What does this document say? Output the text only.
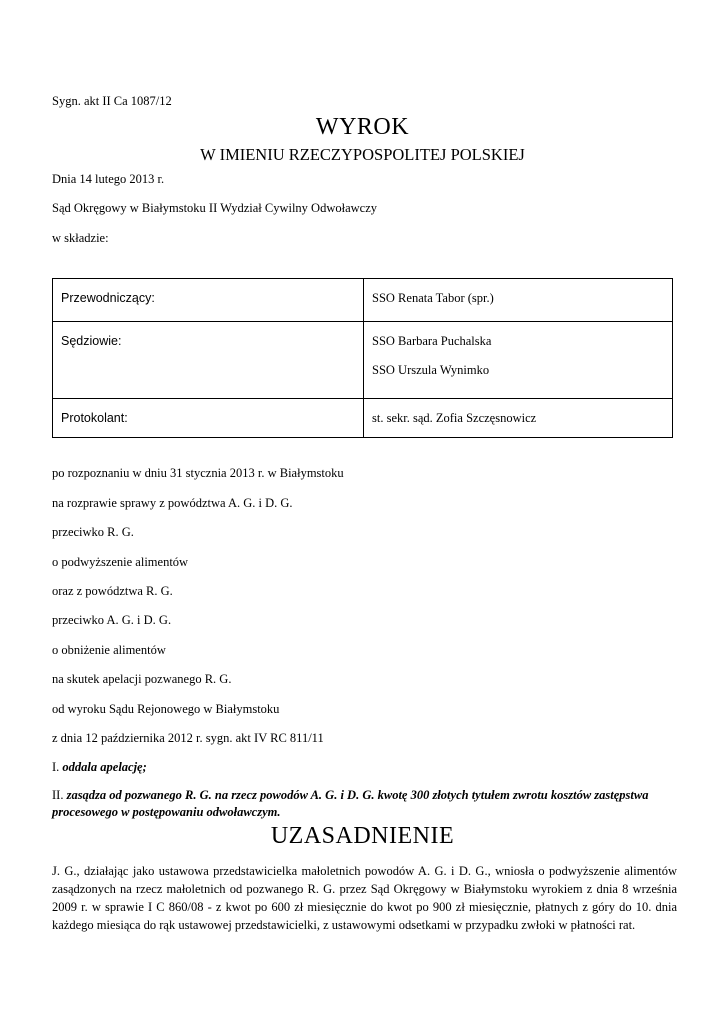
Sygn. akt II Ca 1087/12
WYROK
W IMIENIU RZECZYPOSPOLITEJ POLSKIEJ
Dnia 14 lutego 2013 r.
Sąd Okręgowy w Białymstoku II Wydział Cywilny Odwoławczy
w składzie:
Przewodniczący:	SSO Renata Tabor (spr.)
Sędziowie:	SSO Barbara Puchalska
SSO Urszula Wynimko

Protokolant:	st. sekr. sąd. Zofia Szczęsnowicz
po rozpoznaniu w dniu 31 stycznia 2013 r. w Białymstoku
na rozprawie sprawy z powództwa A. G. i D. G.
przeciwko R. G.
o podwyższenie alimentów
oraz z powództwa R. G.
przeciwko A. G. i D. G.
o obniżenie alimentów
na skutek apelacji pozwanego R. G.
od wyroku Sądu Rejonowego w Białymstoku
z dnia 12 października 2012 r. sygn. akt IV RC 811/11
I. oddala apelację;
II. zasądza od pozwanego R. G. na rzecz powodów A. G. i D. G. kwotę 300 złotych tytułem zwrotu kosztów zastępstwa procesowego w postępowaniu odwoławczym.
UZASADNIENIE
J. G., działając jako ustawowa przedstawicielka małoletnich powodów A. G. i D. G., wniosła o podwyższenie alimentów zasądzonych na rzecz małoletnich od pozwanego R. G. przez Sąd Okręgowy w Białymstoku wyrokiem z dnia 8 września 2009 r. w sprawie I C 860/08 - z kwot po 600 zł miesięcznie do kwot po 900 zł miesięcznie, płatnych z góry do 10. dnia każdego miesiąca do rąk ustawowej przedstawicielki, z ustawowymi odsetkami w przypadku zwłoki w płatności rat.
